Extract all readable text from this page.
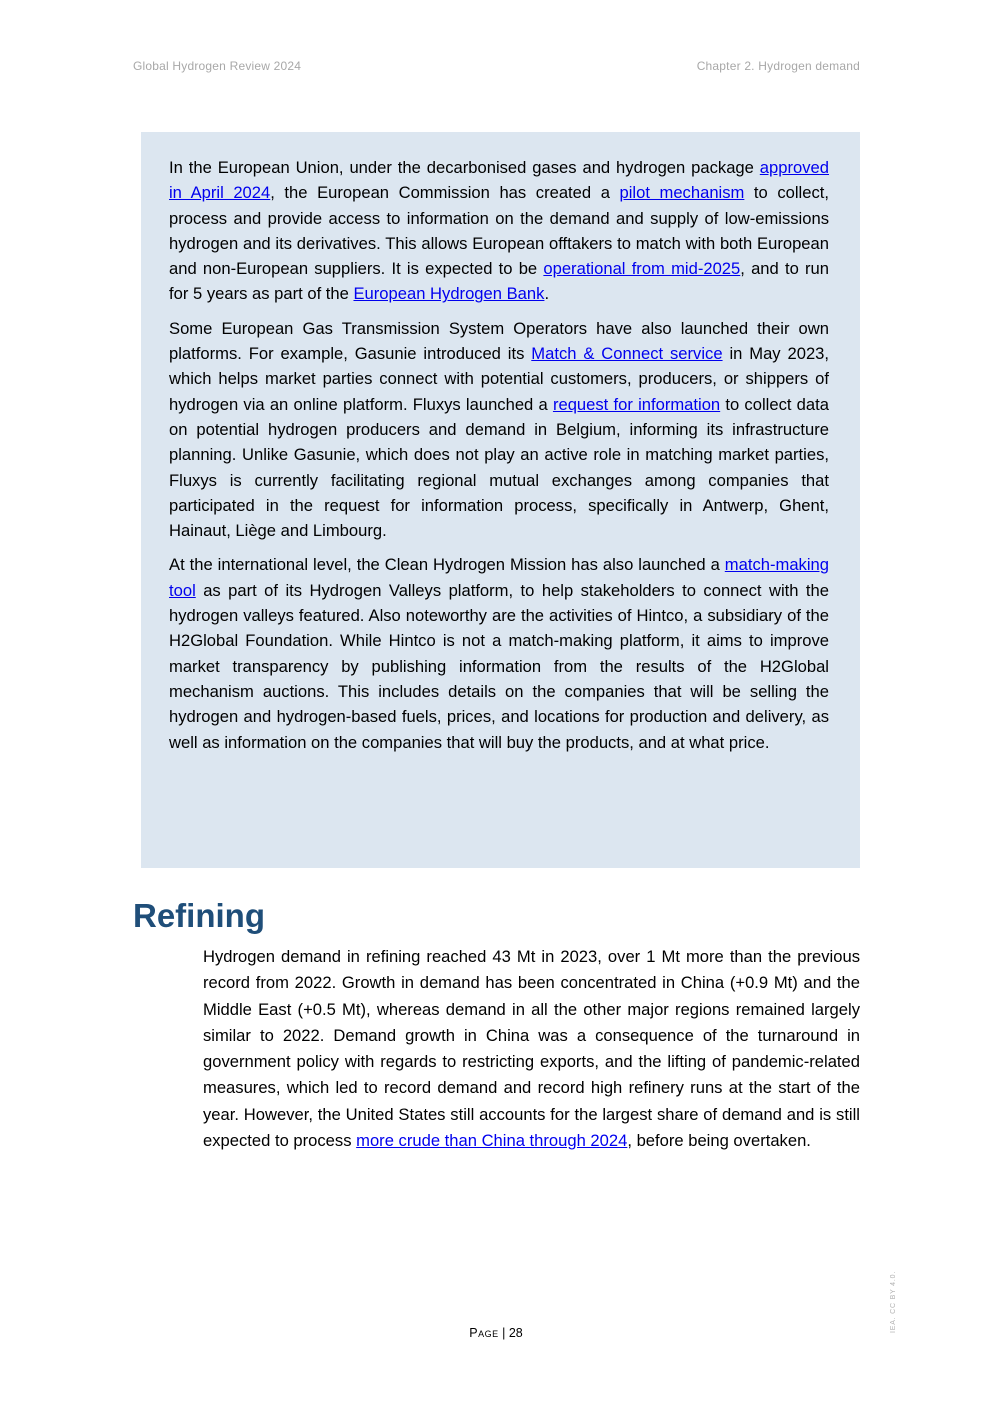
Global Hydrogen Review 2024	Chapter 2. Hydrogen demand

In the European Union, under the decarbonised gases and hydrogen package approved in April 2024, the European Commission has created a pilot mechanism to collect, process and provide access to information on the demand and supply of low-emissions hydrogen and its derivatives. This allows European offtakers to match with both European and non-European suppliers. It is expected to be operational from mid-2025, and to run for 5 years as part of the European Hydrogen Bank.

Some European Gas Transmission System Operators have also launched their own platforms. For example, Gasunie introduced its Match & Connect service in May 2023, which helps market parties connect with potential customers, producers, or shippers of hydrogen via an online platform. Fluxys launched a request for information to collect data on potential hydrogen producers and demand in Belgium, informing its infrastructure planning. Unlike Gasunie, which does not play an active role in matching market parties, Fluxys is currently facilitating regional mutual exchanges among companies that participated in the request for information process, specifically in Antwerp, Ghent, Hainaut, Liège and Limbourg.

At the international level, the Clean Hydrogen Mission has also launched a match-making tool as part of its Hydrogen Valleys platform, to help stakeholders to connect with the hydrogen valleys featured. Also noteworthy are the activities of Hintco, a subsidiary of the H2Global Foundation. While Hintco is not a match-making platform, it aims to improve market transparency by publishing information from the results of the H2Global mechanism auctions. This includes details on the companies that will be selling the hydrogen and hydrogen-based fuels, prices, and locations for production and delivery, as well as information on the companies that will buy the products, and at what price.

Refining

Hydrogen demand in refining reached 43 Mt in 2023, over 1 Mt more than the previous record from 2022. Growth in demand has been concentrated in China (+0.9 Mt) and the Middle East (+0.5 Mt), whereas demand in all the other major regions remained largely similar to 2022. Demand growth in China was a consequence of the turnaround in government policy with regards to restricting exports, and the lifting of pandemic-related measures, which led to record demand and record high refinery runs at the start of the year. However, the United States still accounts for the largest share of demand and is still expected to process more crude than China through 2024, before being overtaken.

Page | 28	IEA. CC BY 4.0.
